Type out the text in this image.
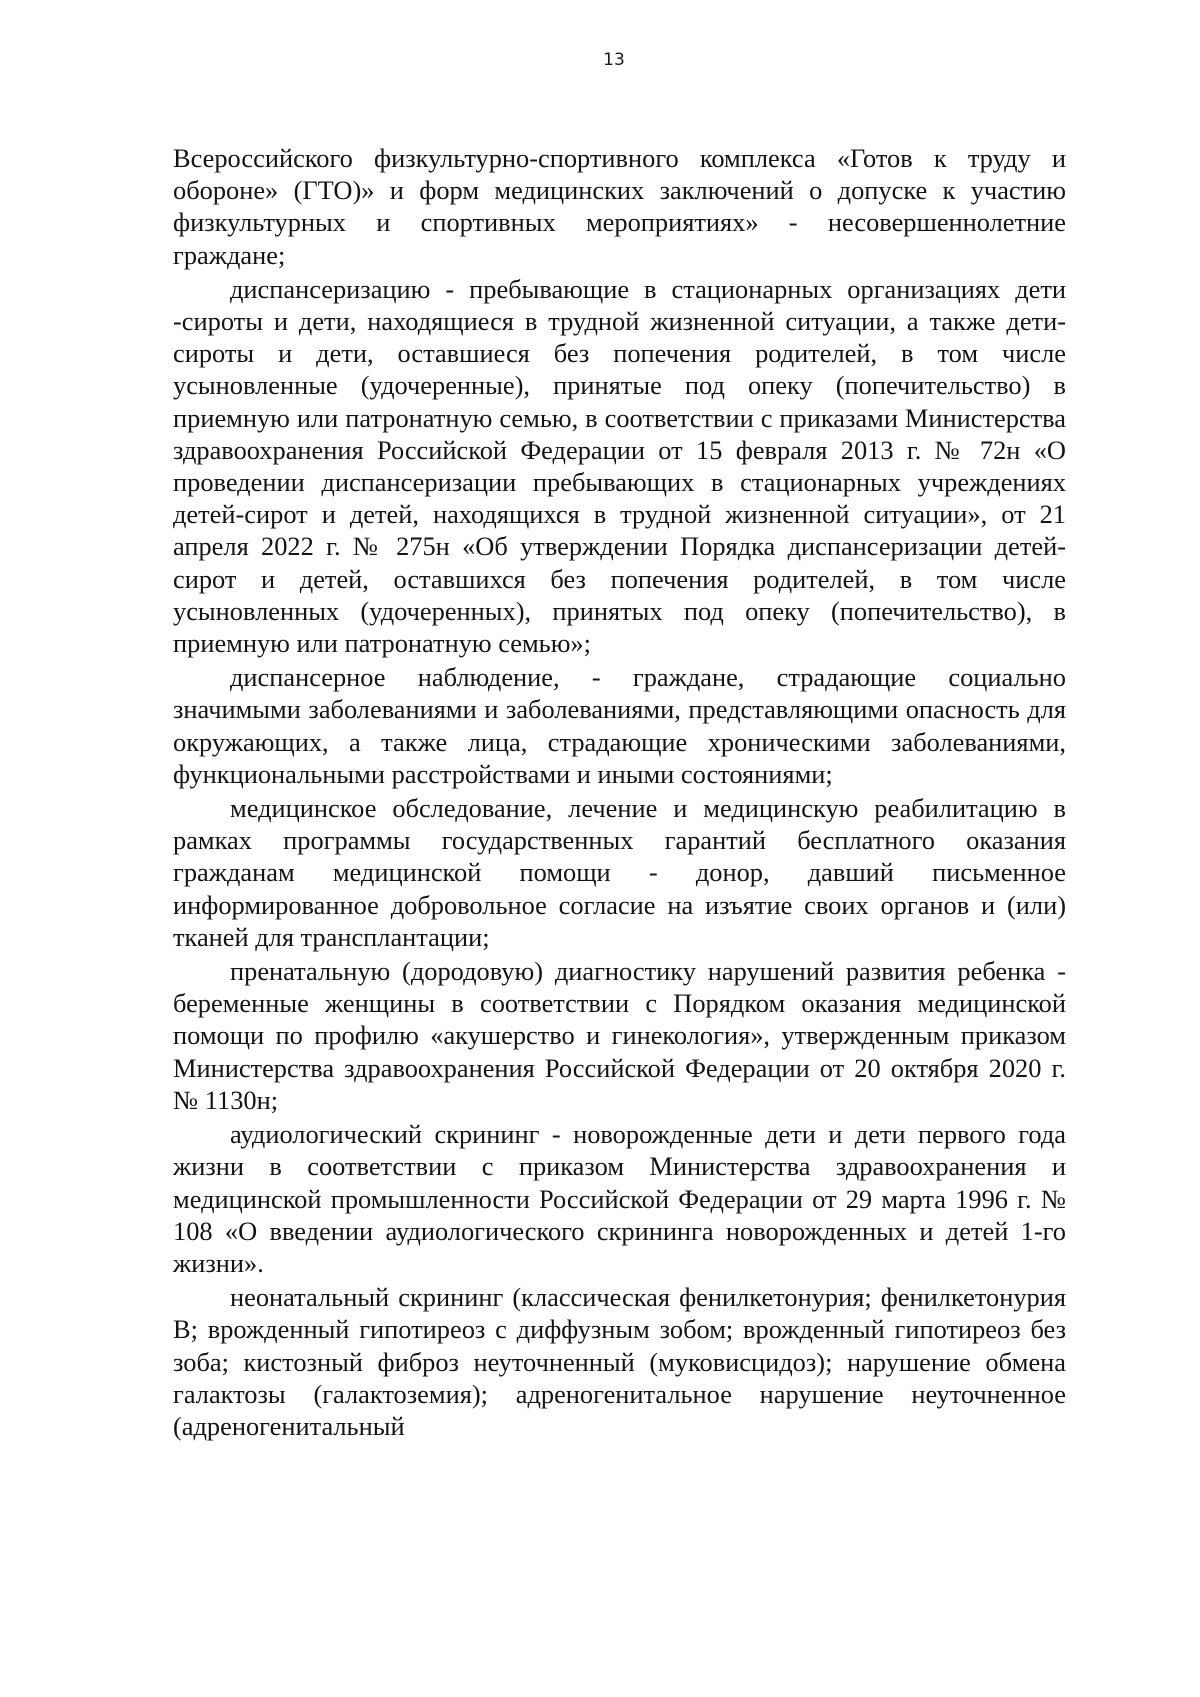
13

Всероссийского физкультурно-спортивного комплекса «Готов к труду и обороне» (ГТО)» и форм медицинских заключений о допуске к участию физкультурных и спортивных мероприятиях» - несовершеннолетние граждане;

диспансеризацию - пребывающие в стационарных организациях дети -сироты и дети, находящиеся в трудной жизненной ситуации, а также дети-сироты и дети, оставшиеся без попечения родителей, в том числе усыновленные (удочеренные), принятые под опеку (попечительство) в приемную или патронатную семью, в соответствии с приказами Министерства здравоохранения Российской Федерации от 15 февраля 2013 г. № 72н «О проведении диспансеризации пребывающих в стационарных учреждениях детей-сирот и детей, находящихся в трудной жизненной ситуации», от 21 апреля 2022 г. № 275н «Об утверждении Порядка диспансеризации детей-сирот и детей, оставшихся без попечения родителей, в том числе усыновленных (удочеренных), принятых под опеку (попечительство), в приемную или патронатную семью»;

диспансерное наблюдение, - граждане, страдающие социально значимыми заболеваниями и заболеваниями, представляющими опасность для окружающих, а также лица, страдающие хроническими заболеваниями, функциональными расстройствами и иными состояниями;

медицинское обследование, лечение и медицинскую реабилитацию в рамках программы государственных гарантий бесплатного оказания гражданам медицинской помощи - донор, давший письменное информированное добровольное согласие на изъятие своих органов и (или) тканей для трансплантации;

пренатальную (дородовую) диагностику нарушений развития ребенка - беременные женщины в соответствии с Порядком оказания медицинской помощи по профилю «акушерство и гинекология», утвержденным приказом Министерства здравоохранения Российской Федерации от 20 октября 2020 г. № 1130н;

аудиологический скрининг - новорожденные дети и дети первого года жизни в соответствии с приказом Министерства здравоохранения и медицинской промышленности Российской Федерации от 29 марта 1996 г. № 108 «О введении аудиологического скрининга новорожденных и детей 1-го жизни».

неонатальный скрининг (классическая фенилкетонурия; фенилкетонурия В; врожденный гипотиреоз с диффузным зобом; врожденный гипотиреоз без зоба; кистозный фиброз неуточненный (муковисцидоз); нарушение обмена галактозы (галактоземия); адреногенитальное нарушение неуточненное (адреногенитальный
